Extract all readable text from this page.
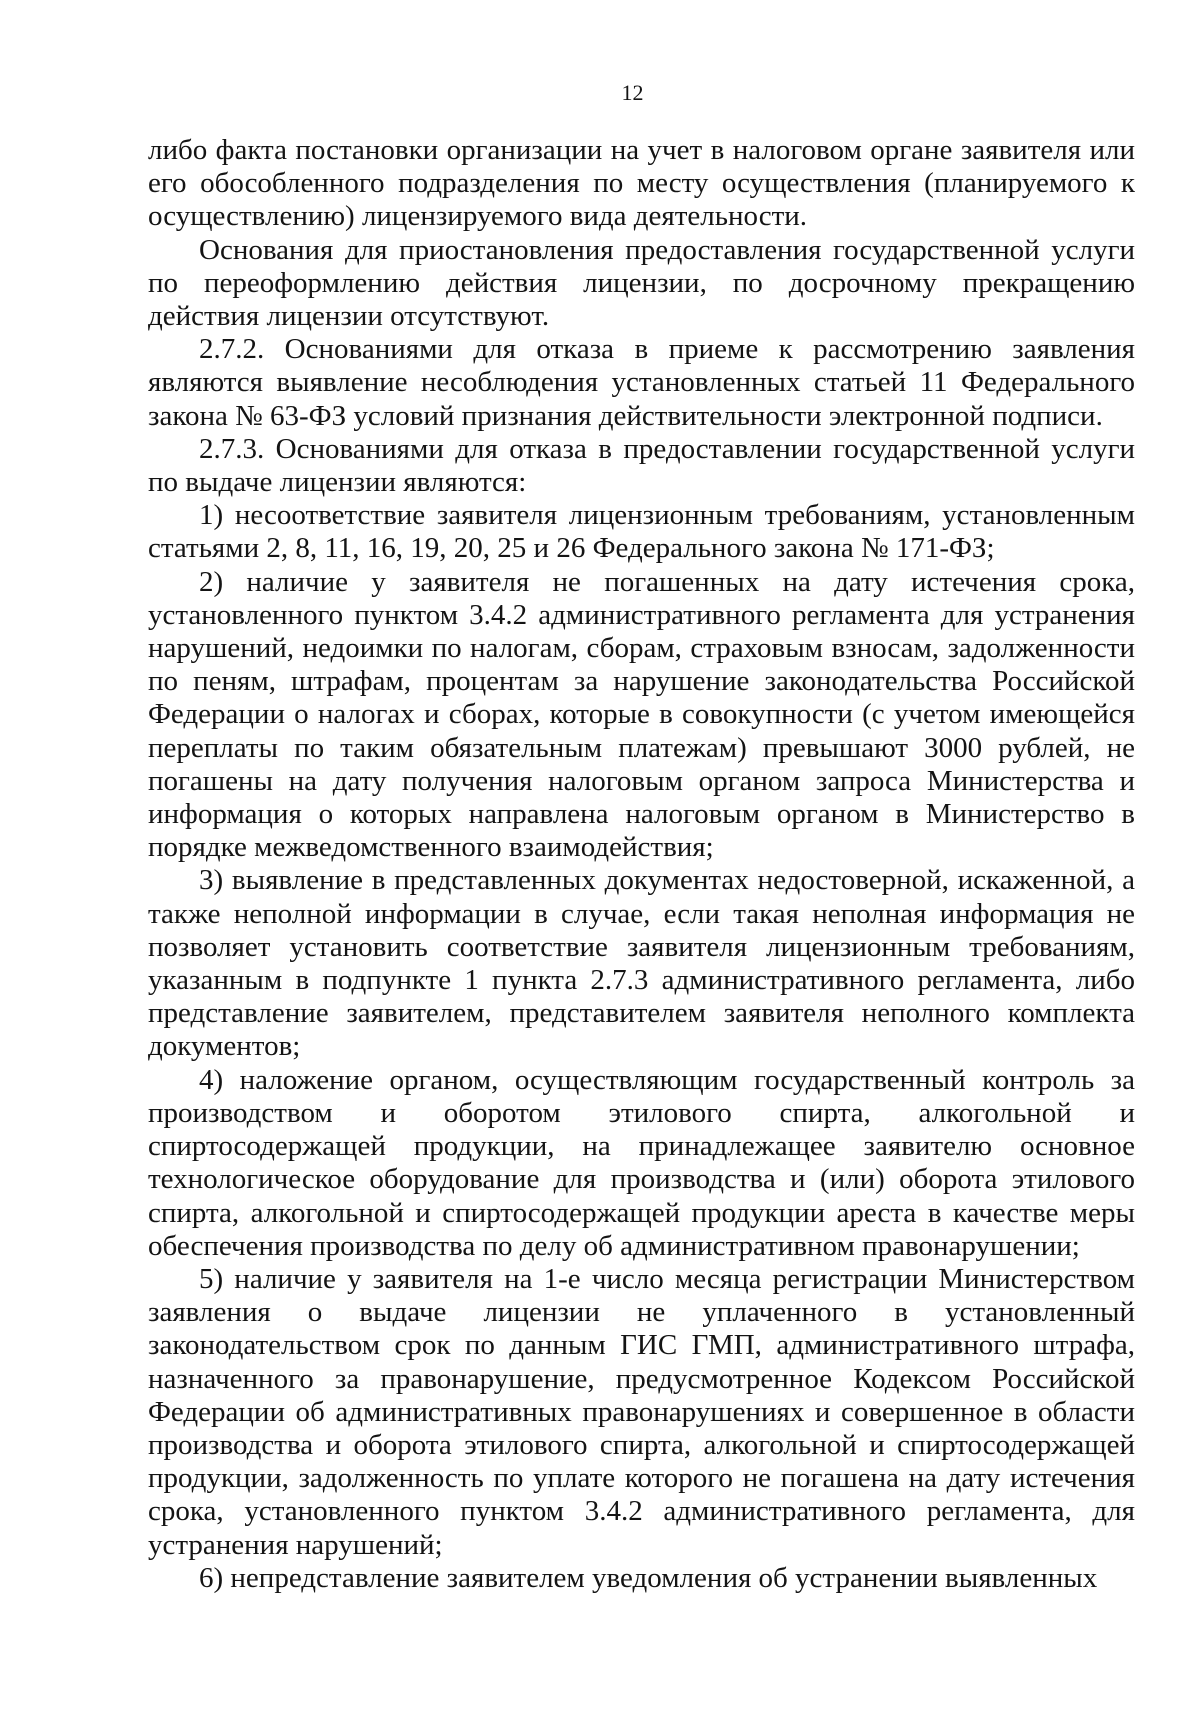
12

либо факта постановки организации на учет в налоговом органе заявителя или его обособленного подразделения по месту осуществления (планируемого к осуществлению) лицензируемого вида деятельности.

Основания для приостановления предоставления государственной услуги по переоформлению действия лицензии, по досрочному прекращению действия лицензии отсутствуют.

2.7.2. Основаниями для отказа в приеме к рассмотрению заявления являются выявление несоблюдения установленных статьей 11 Федерального закона № 63-ФЗ условий признания действительности электронной подписи.

2.7.3. Основаниями для отказа в предоставлении государственной услуги по выдаче лицензии являются:

1) несоответствие заявителя лицензионным требованиям, установленным статьями 2, 8, 11, 16, 19, 20, 25 и 26 Федерального закона № 171-ФЗ;

2) наличие у заявителя не погашенных на дату истечения срока, установленного пунктом 3.4.2 административного регламента для устранения нарушений, недоимки по налогам, сборам, страховым взносам, задолженности по пеням, штрафам, процентам за нарушение законодательства Российской Федерации о налогах и сборах, которые в совокупности (с учетом имеющейся переплаты по таким обязательным платежам) превышают 3000 рублей, не погашены на дату получения налоговым органом запроса Министерства и информация о которых направлена налоговым органом в Министерство в порядке межведомственного взаимодействия;

3) выявление в представленных документах недостоверной, искаженной, а также неполной информации в случае, если такая неполная информация не позволяет установить соответствие заявителя лицензионным требованиям, указанным в подпункте 1 пункта 2.7.3 административного регламента, либо представление заявителем, представителем заявителя неполного комплекта документов;

4) наложение органом, осуществляющим государственный контроль за производством и оборотом этилового спирта, алкогольной и спиртосодержащей продукции, на принадлежащее заявителю основное технологическое оборудование для производства и (или) оборота этилового спирта, алкогольной и спиртосодержащей продукции ареста в качестве меры обеспечения производства по делу об административном правонарушении;

5) наличие у заявителя на 1-е число месяца регистрации Министерством заявления о выдаче лицензии не уплаченного в установленный законодательством срок по данным ГИС ГМП, административного штрафа, назначенного за правонарушение, предусмотренное Кодексом Российской Федерации об административных правонарушениях и совершенное в области производства и оборота этилового спирта, алкогольной и спиртосодержащей продукции, задолженность по уплате которого не погашена на дату истечения срока, установленного пунктом 3.4.2 административного регламента, для устранения нарушений;

6) непредставление заявителем уведомления об устранении выявленных
